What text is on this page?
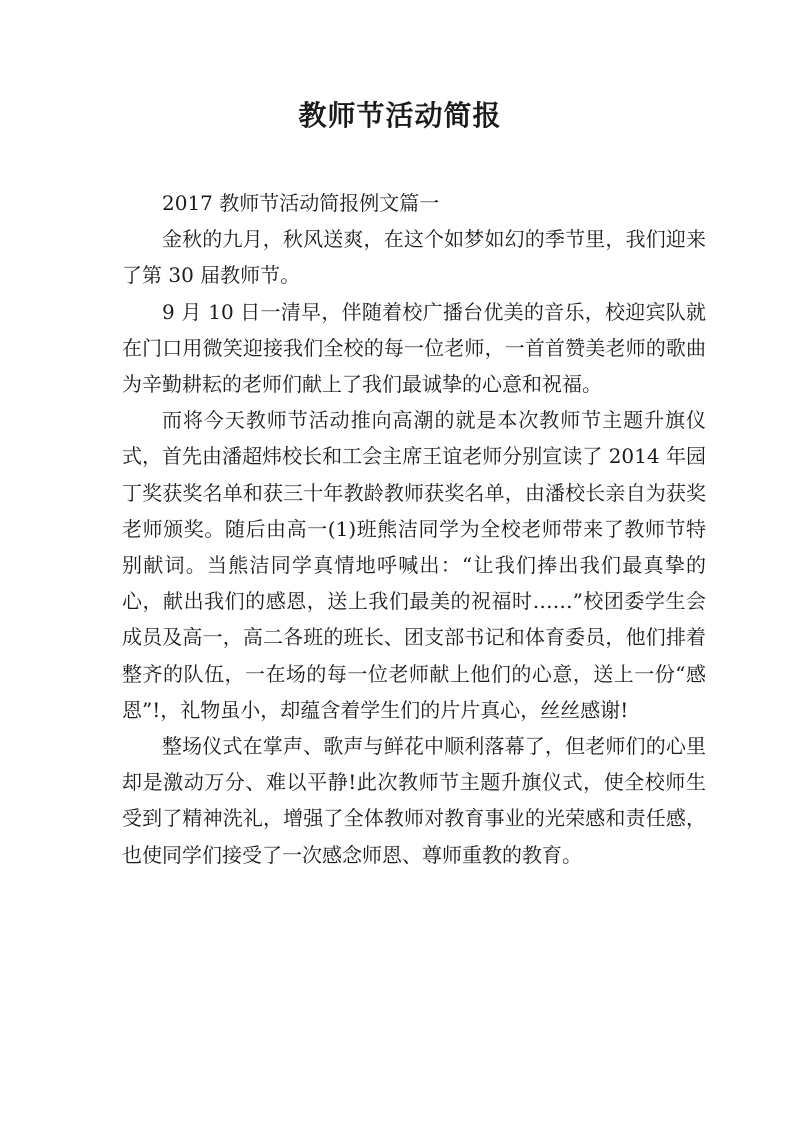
教师节活动简报

2017 教师节活动简报例文篇一

金秋的九月，秋风送爽，在这个如梦如幻的季节里，我们迎来了第 30 届教师节。

9 月 10 日一清早，伴随着校广播台优美的音乐，校迎宾队就在门口用微笑迎接我们全校的每一位老师，一首首赞美老师的歌曲为辛勤耕耘的老师们献上了我们最诚挚的心意和祝福。

而将今天教师节活动推向高潮的就是本次教师节主题升旗仪式，首先由潘超炜校长和工会主席王谊老师分别宣读了 2014 年园丁奖获奖名单和获三十年教龄教师获奖名单，由潘校长亲自为获奖老师颁奖。随后由高一(1)班熊洁同学为全校老师带来了教师节特别献词。当熊洁同学真情地呼喊出：“让我们捧出我们最真挚的心，献出我们的感恩，送上我们最美的祝福时……”校团委学生会成员及高一，高二各班的班长、团支部书记和体育委员，他们排着整齐的队伍，一在场的每一位老师献上他们的心意，送上一份“感恩”!，礼物虽小，却蕴含着学生们的片片真心，丝丝感谢!

整场仪式在掌声、歌声与鲜花中顺利落幕了，但老师们的心里却是激动万分、难以平静!此次教师节主题升旗仪式，使全校师生受到了精神洗礼，增强了全体教师对教育事业的光荣感和责任感，也使同学们接受了一次感念师恩、尊师重教的教育。
